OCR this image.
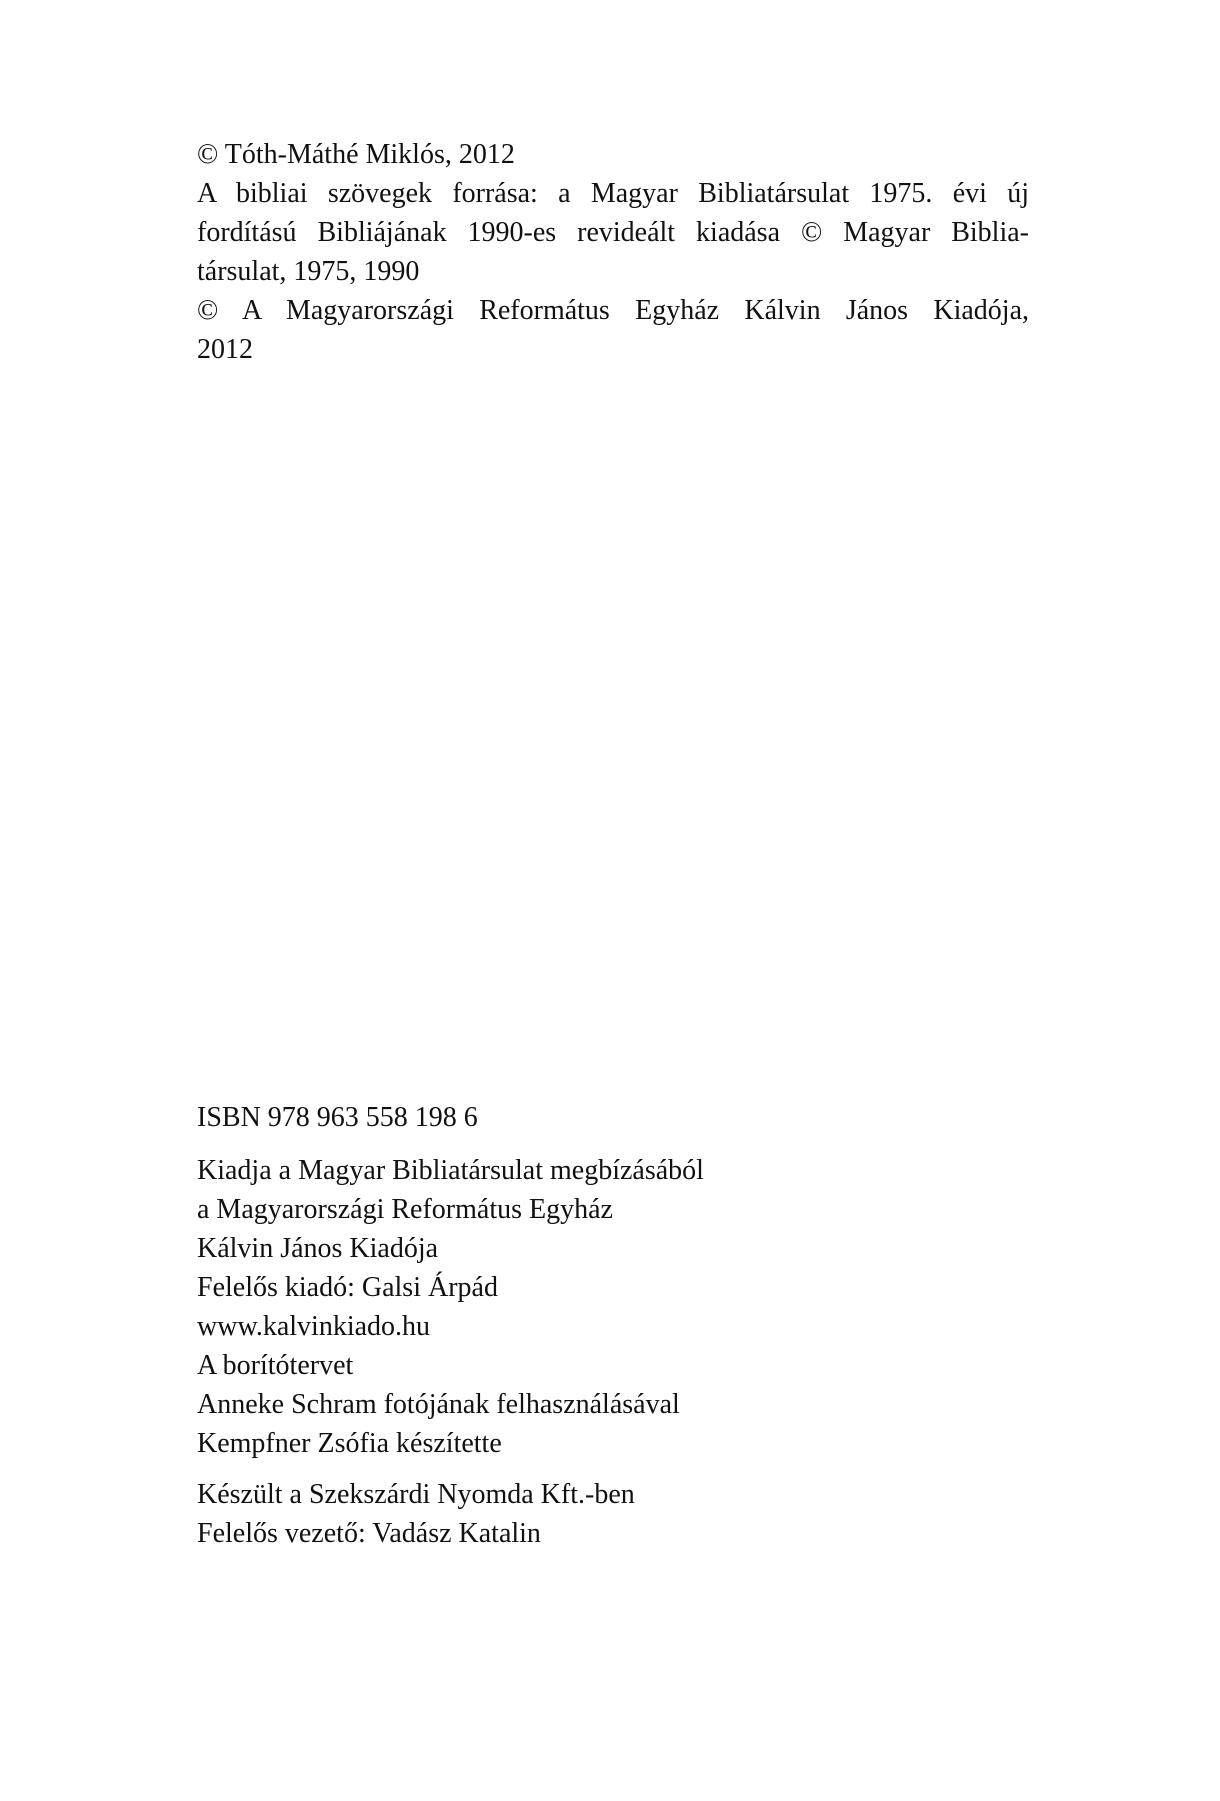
© Tóth-Máthé Miklós, 2012
A bibliai szövegek forrása: a Magyar Bibliatársulat 1975. évi új
fordítású Bibliájának 1990-es revideált kiadása © Magyar Biblia-
társulat, 1975, 1990
© A Magyarországi Református Egyház Kálvin János Kiadója,
2012
ISBN 978 963 558 198 6
Kiadja a Magyar Bibliatársulat megbízásából
a Magyarországi Református Egyház
Kálvin János Kiadója
Felelős kiadó: Galsi Árpád
www.kalvinkiado.hu
A borítótervet
Anneke Schram fotójának felhasználásával
Kempfner Zsófia készítette
Készült a Szekszárdi Nyomda Kft.-ben
Felelős vezető: Vadász Katalin
